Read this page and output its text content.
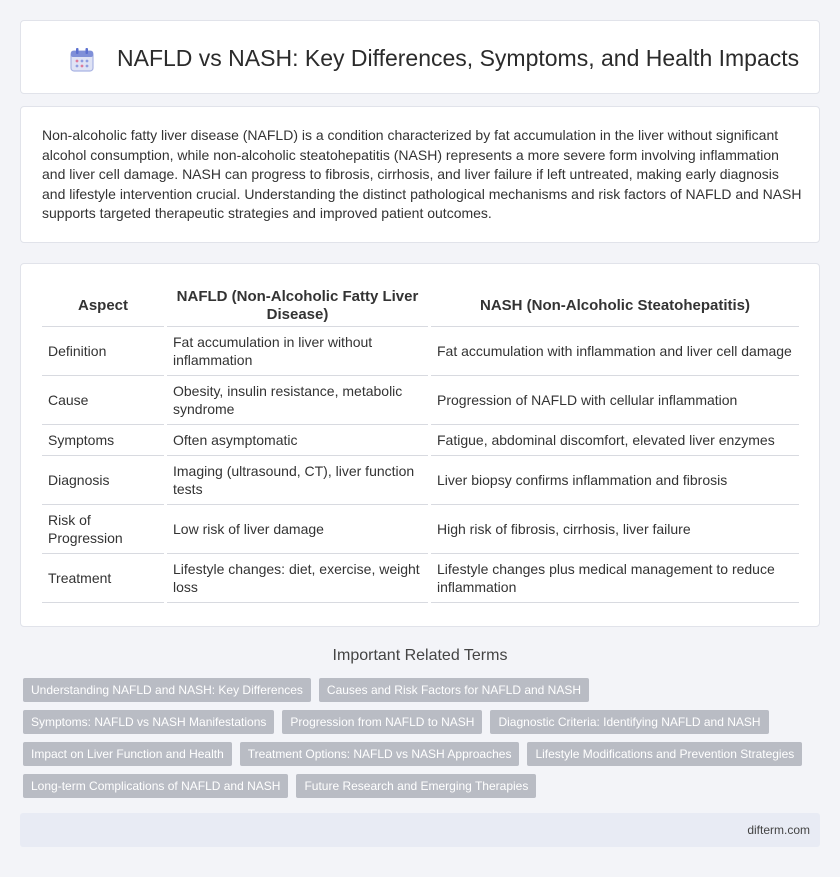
NAFLD vs NASH: Key Differences, Symptoms, and Health Impacts

Non-alcoholic fatty liver disease (NAFLD) is a condition characterized by fat accumulation in the liver without significant alcohol consumption, while non-alcoholic steatohepatitis (NASH) represents a more severe form involving inflammation and liver cell damage. NASH can progress to fibrosis, cirrhosis, and liver failure if left untreated, making early diagnosis and lifestyle intervention crucial. Understanding the distinct pathological mechanisms and risk factors of NAFLD and NASH supports targeted therapeutic strategies and improved patient outcomes.

Aspect		NAFLD (Non-Alcoholic Fatty Liver Disease)		NASH (Non-Alcoholic Steatohepatitis)
Definition		Fat accumulation in liver without inflammation		Fat accumulation with inflammation and liver cell damage
Cause		Obesity, insulin resistance, metabolic syndrome		Progression of NAFLD with cellular inflammation
Symptoms		Often asymptomatic		Fatigue, abdominal discomfort, elevated liver enzymes
Diagnosis		Imaging (ultrasound, CT), liver function tests		Liver biopsy confirms inflammation and fibrosis
Risk of Progression		Low risk of liver damage		High risk of fibrosis, cirrhosis, liver failure
Treatment		Lifestyle changes: diet, exercise, weight loss		Lifestyle changes plus medical management to reduce inflammation
Important Related Terms
Understanding NAFLD and NASH: Key Differences	Causes and Risk Factors for NAFLD and NASH
Symptoms: NAFLD vs NASH Manifestations	Progression from NAFLD to NASH	Diagnostic Criteria: Identifying NAFLD and NASH
Impact on Liver Function and Health	Treatment Options: NAFLD vs NASH Approaches	Lifestyle Modifications and Prevention Strategies
Long-term Complications of NAFLD and NASH	Future Research and Emerging Therapies
difterm.com
